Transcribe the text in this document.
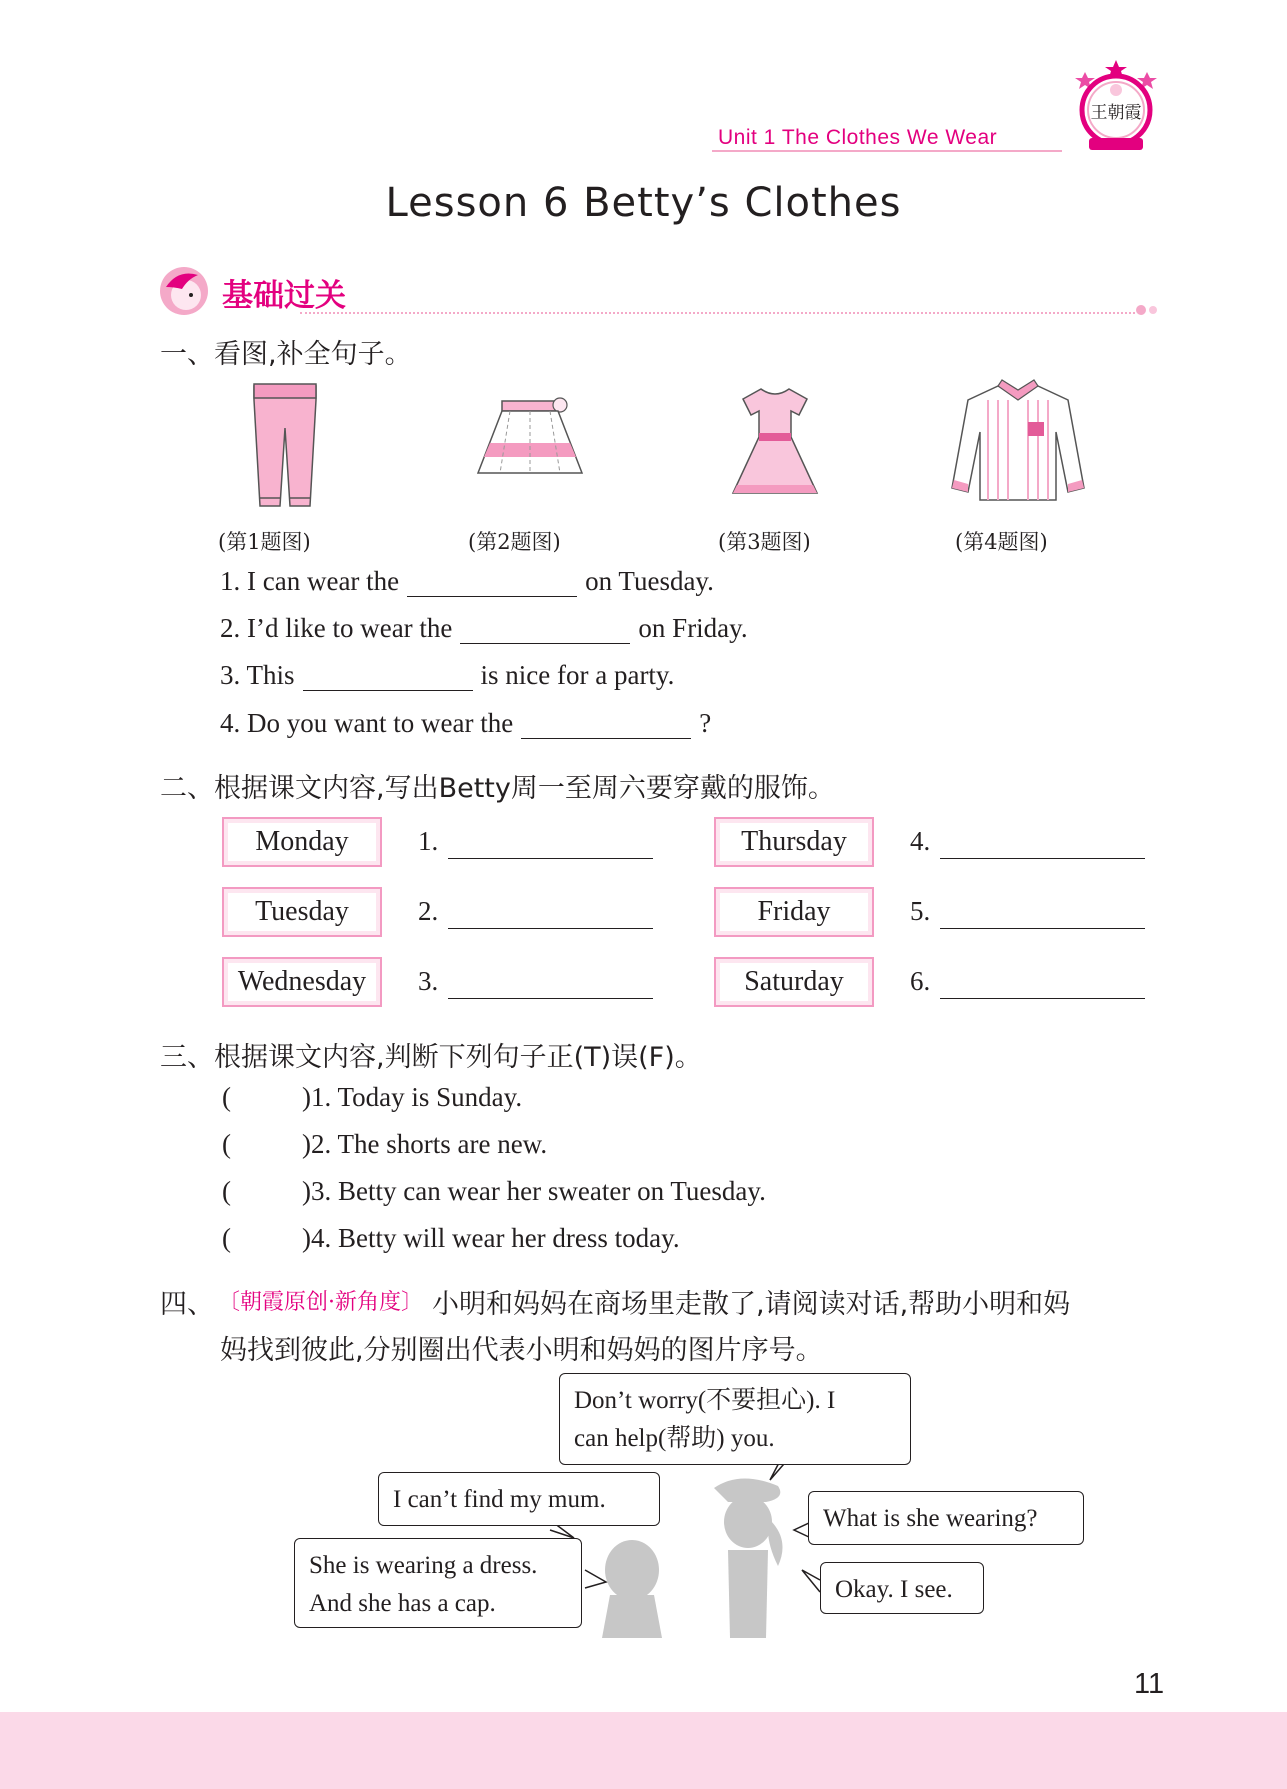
Unit 1 The Clothes We Wear
王朝霞
Lesson 6 Betty’s Clothes
基础过关
一、看图,补全句子。
(第1题图)	(第2题图)	(第3题图)	(第4题图)
1. I can wear the	on Tuesday.
2. I’d like to wear the	on Friday.
3. This	is nice for a party.
4. Do you want to wear the	?
二、根据课文内容,写出Betty周一至周六要穿戴的服饰。
Monday	1.
Tuesday	2.
Wednesday	3.
Thursday	4.
Friday	5.
Saturday	6.
三、根据课文内容,判断下列句子正(T)误(F)。
(	)1. Today is Sunday.
(	)2. The shorts are new.
(	)3. Betty can wear her sweater on Tuesday.
(	)4. Betty will wear her dress today.
四、 〔朝霞原创·新角度〕 小明和妈妈在商场里走散了,请阅读对话,帮助小明和妈
妈找到彼此,分别圈出代表小明和妈妈的图片序号。
Don’t worry(不要担心). I
can help(帮助) you.
I can’t find my mum.
She is wearing a dress.
And she has a cap.
What is she wearing?
Okay. I see.
11
